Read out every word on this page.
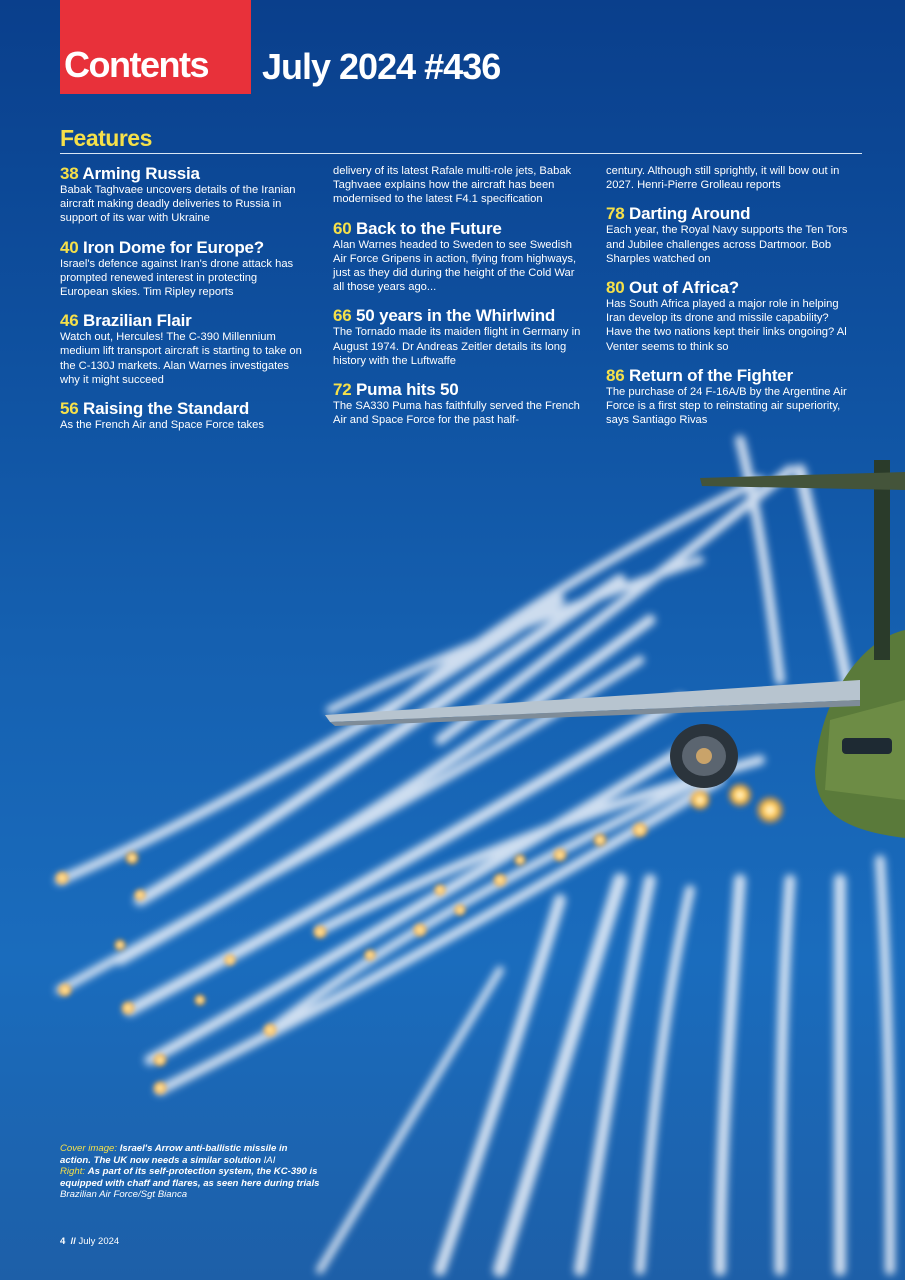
Contents July 2024 #436
Features
38 Arming Russia

Babak Taghvaee uncovers details of the Iranian aircraft making deadly deliveries to Russia in support of its war with Ukraine

40 Iron Dome for Europe?

Israel's defence against Iran's drone attack has prompted renewed interest in protecting European skies. Tim Ripley reports

46 Brazilian Flair

Watch out, Hercules! The C-390 Millennium medium lift transport aircraft is starting to take on the C-130J markets. Alan Warnes investigates why it might succeed

56 Raising the Standard

As the French Air and Space Force takes

delivery of its latest Rafale multi-role jets, Babak Taghvaee explains how the aircraft has been modernised to the latest F4.1 specification

60 Back to the Future

Alan Warnes headed to Sweden to see Swedish Air Force Gripens in action, flying from highways, just as they did during the height of the Cold War all those years ago...

66 50 years in the Whirlwind

The Tornado made its maiden flight in Germany in August 1974. Dr Andreas Zeitler details its long history with the Luftwaffe

72 Puma hits 50

The SA330 Puma has faithfully served the French Air and Space Force for the past half-

century. Although still sprightly, it will bow out in 2027. Henri-Pierre Grolleau reports

78 Darting Around

Each year, the Royal Navy supports the Ten Tors and Jubilee challenges across Dartmoor. Bob Sharples watched on

80 Out of Africa?

Has South Africa played a major role in helping Iran develop its drone and missile capability? Have the two nations kept their links ongoing? Al Venter seems to think so

86 Return of the Fighter

The purchase of 24 F-16A/B by the Argentine Air Force is a first step to reinstating air superiority, says Santiago Rivas

Cover image: Israel's Arrow anti-ballistic missile in action. The UK now needs a similar solution IAI
Right: As part of its self-protection system, the KC-390 is equipped with chaff and flares, as seen here during trials Brazilian Air Force/Sgt Bianca
4 // July 2024
